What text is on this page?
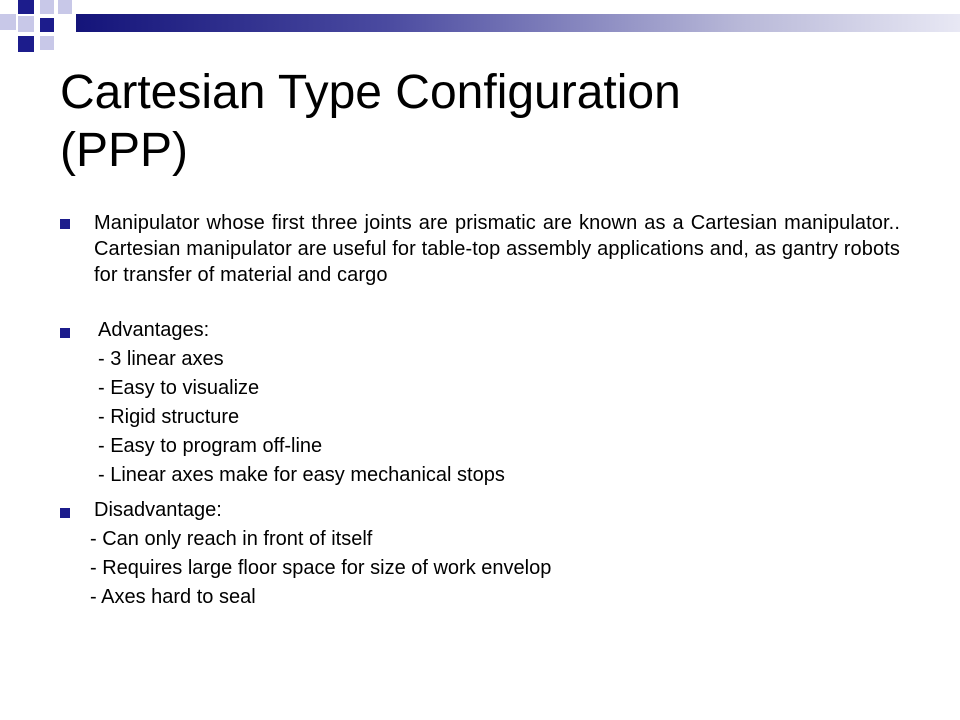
Cartesian Type Configuration
(PPP)

Manipulator whose first three joints are prismatic are known as a Cartesian manipulator.. Cartesian manipulator are useful for table-top assembly applications and, as gantry robots for transfer of material and cargo

Advantages:

- 3 linear axes

- Easy to visualize

- Rigid structure

- Easy to program off-line

- Linear axes make for easy mechanical stops

Disadvantage:

- Can only reach in front of itself

- Requires large floor space for size of work envelop

- Axes hard to seal
